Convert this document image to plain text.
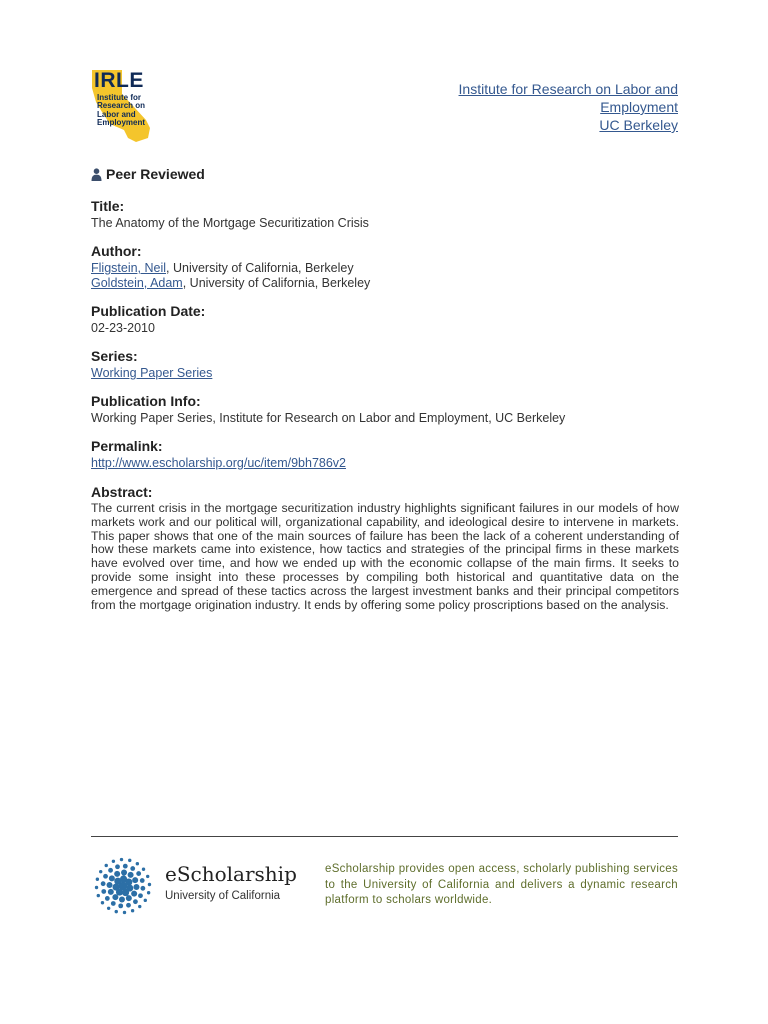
IRLE
Institute for
Research on
Labor and
Employment
Institute for Research on Labor and
Employment
UC Berkeley
Peer Reviewed
Title:
The Anatomy of the Mortgage Securitization Crisis
Author:
Fligstein, Neil, University of California, Berkeley
Goldstein, Adam, University of California, Berkeley
Publication Date:
02-23-2010
Series:
Working Paper Series
Publication Info:
Working Paper Series, Institute for Research on Labor and Employment, UC Berkeley
Permalink:
http://www.escholarship.org/uc/item/9bh786v2
Abstract:
The current crisis in the mortgage securitization industry highlights significant failures in our models of how markets work and our political will, organizational capability, and ideological desire to intervene in markets. This paper shows that one of the main sources of failure has been the lack of a coherent understanding of how these markets came into existence, how tactics and strategies of the principal firms in these markets have evolved over time, and how we ended up with the economic collapse of the main firms. It seeks to provide some insight into these processes by compiling both historical and quantitative data on the emergence and spread of these tactics across the largest investment banks and their principal competitors from the mortgage origination industry. It ends by offering some policy proscriptions based on the analysis.
eScholarship
University of California
eScholarship provides open access, scholarly publishing services to the University of California and delivers a dynamic research platform to scholars worldwide.
